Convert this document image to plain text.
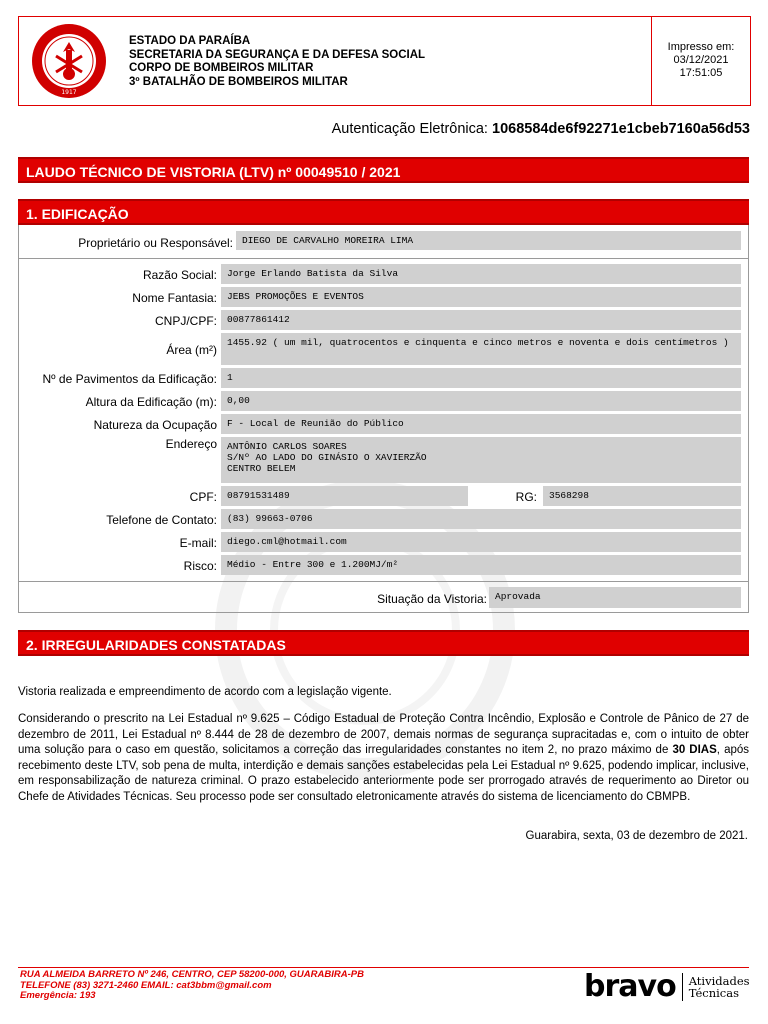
1917
ESTADO DA PARAÍBA
SECRETARIA DA SEGURANÇA E DA DEFESA SOCIAL
CORPO DE BOMBEIROS MILITAR
3º BATALHÃO DE BOMBEIROS MILITAR
Impresso em:
03/12/2021
17:51:05
Autenticação Eletrônica: 1068584de6f92271e1cbeb7160a56d53
LAUDO TÉCNICO DE VISTORIA (LTV) nº 00049510 / 2021
1. EDIFICAÇÃO
Proprietário ou Responsável: DIEGO DE CARVALHO MOREIRA LIMA
Razão Social:	Jorge Erlando Batista da Silva
Nome Fantasia:	JEBS PROMOÇÕES E EVENTOS
CNPJ/CPF:	00877861412
Área (m²)
1455.92 ( um mil, quatrocentos e cinquenta e cinco metros e noventa e dois centímetros )
Nº de Pavimentos da Edificação:	1
Altura da Edificação (m):	0,00
Natureza da Ocupação	F - Local de Reunião do Público
Endereço ANTÔNIO CARLOS SOARES
S/Nº AO LADO DO GINÁSIO O XAVIERZÃO
CENTRO BELEM
CPF:	08791531489	RG:	3568298
Telefone de Contato:	(83) 99663-0706
E-mail:	diego.cml@hotmail.com
Risco:	Médio - Entre 300 e 1.200MJ/m²
Situação da Vistoria: Aprovada
2. IRREGULARIDADES CONSTATADAS
Vistoria realizada e empreendimento de acordo com a legislação vigente.
Considerando o prescrito na Lei Estadual nº 9.625 – Código Estadual de Proteção Contra Incêndio, Explosão e Controle de Pânico de 27 de dezembro de 2011, Lei Estadual nº 8.444 de 28 de dezembro de 2007, demais normas de segurança supracitadas e, com o intuito de obter uma solução para o caso em questão, solicitamos a correção das irregularidades constantes no item 2, no prazo máximo de 30 DIAS, após recebimento deste LTV, sob pena de multa, interdição e demais sanções estabelecidas pela Lei Estadual nº 9.625, podendo implicar, inclusive, em responsabilização de natureza criminal. O prazo estabelecido anteriormente pode ser prorrogado através de requerimento ao Diretor ou Chefe de Atividades Técnicas. Seu processo pode ser consultado eletronicamente através do sistema de licenciamento do CBMPB.
Guarabira, sexta, 03 de dezembro de 2021.
RUA ALMEIDA BARRETO Nº 246, CENTRO, CEP 58200-000, GUARABIRA-PB
TELEFONE (83) 3271-2460 EMAIL: cat3bbm@gmail.com
Emergência: 193	bravo Atividades
Técnicas
